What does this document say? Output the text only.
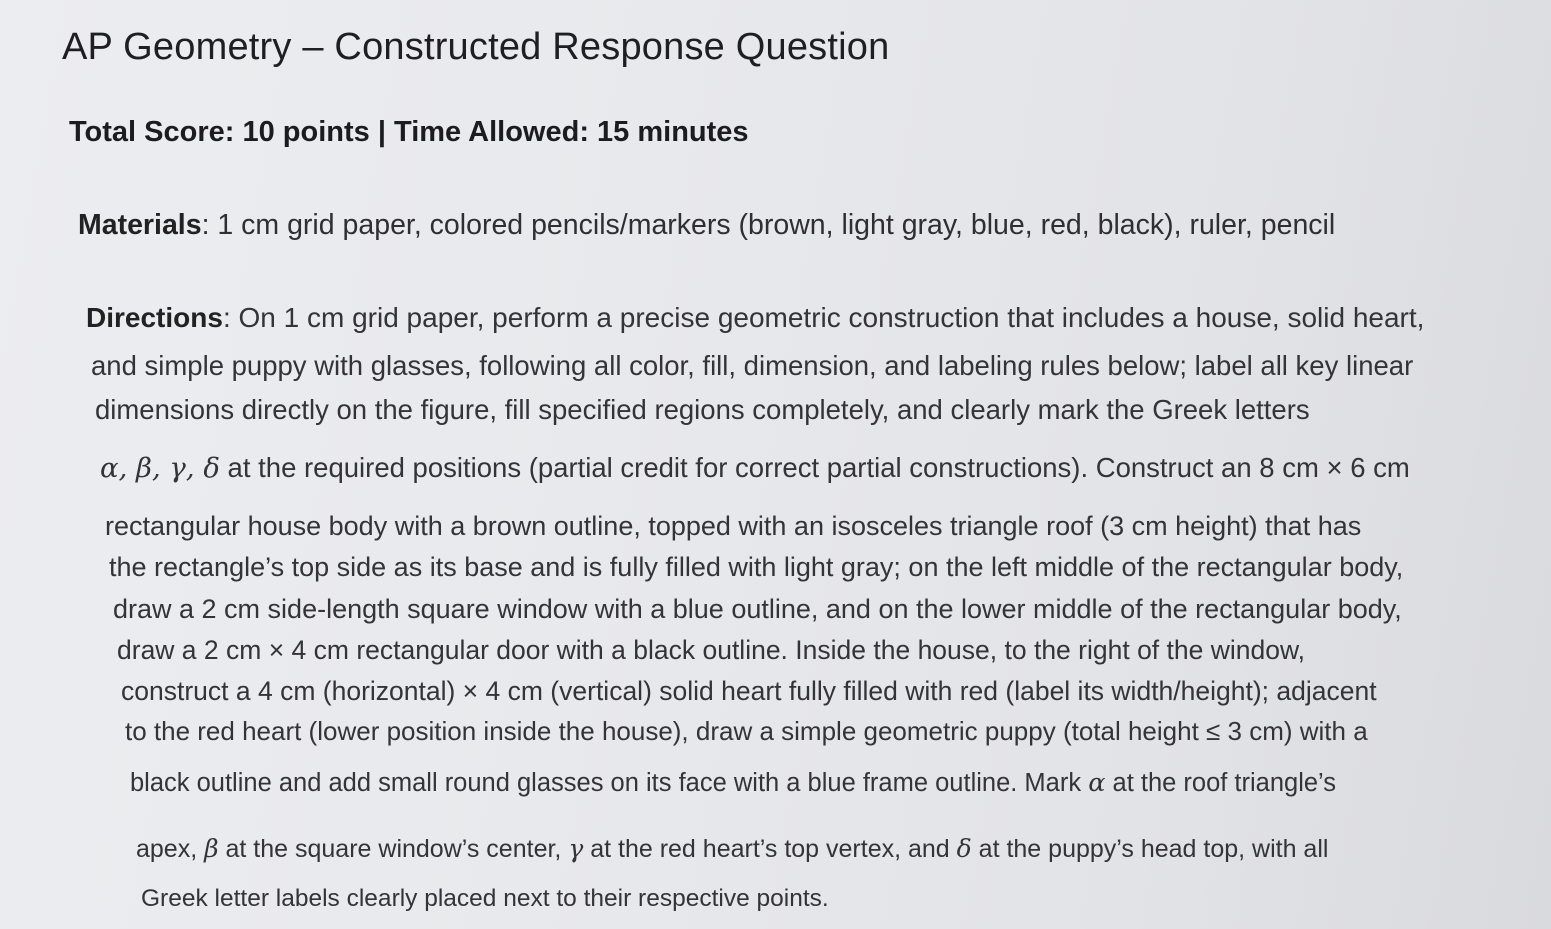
AP Geometry – Constructed Response Question
Total Score: 10 points | Time Allowed: 15 minutes
Materials: 1 cm grid paper, colored pencils/markers (brown, light gray, blue, red, black), ruler, pencil
Directions: On 1 cm grid paper, perform a precise geometric construction that includes a house, solid heart,
and simple puppy with glasses, following all color, fill, dimension, and labeling rules below; label all key linear
dimensions directly on the figure, fill specified regions completely, and clearly mark the Greek letters
α, β, γ, δ at the required positions (partial credit for correct partial constructions). Construct an 8 cm × 6 cm
rectangular house body with a brown outline, topped with an isosceles triangle roof (3 cm height) that has
the rectangle’s top side as its base and is fully filled with light gray; on the left middle of the rectangular body,
draw a 2 cm side-length square window with a blue outline, and on the lower middle of the rectangular body,
draw a 2 cm × 4 cm rectangular door with a black outline. Inside the house, to the right of the window,
construct a 4 cm (horizontal) × 4 cm (vertical) solid heart fully filled with red (label its width/height); adjacent
to the red heart (lower position inside the house), draw a simple geometric puppy (total height ≤ 3 cm) with a
black outline and add small round glasses on its face with a blue frame outline. Mark α at the roof triangle’s
apex, β at the square window’s center, γ at the red heart’s top vertex, and δ at the puppy’s head top, with all
Greek letter labels clearly placed next to their respective points.
